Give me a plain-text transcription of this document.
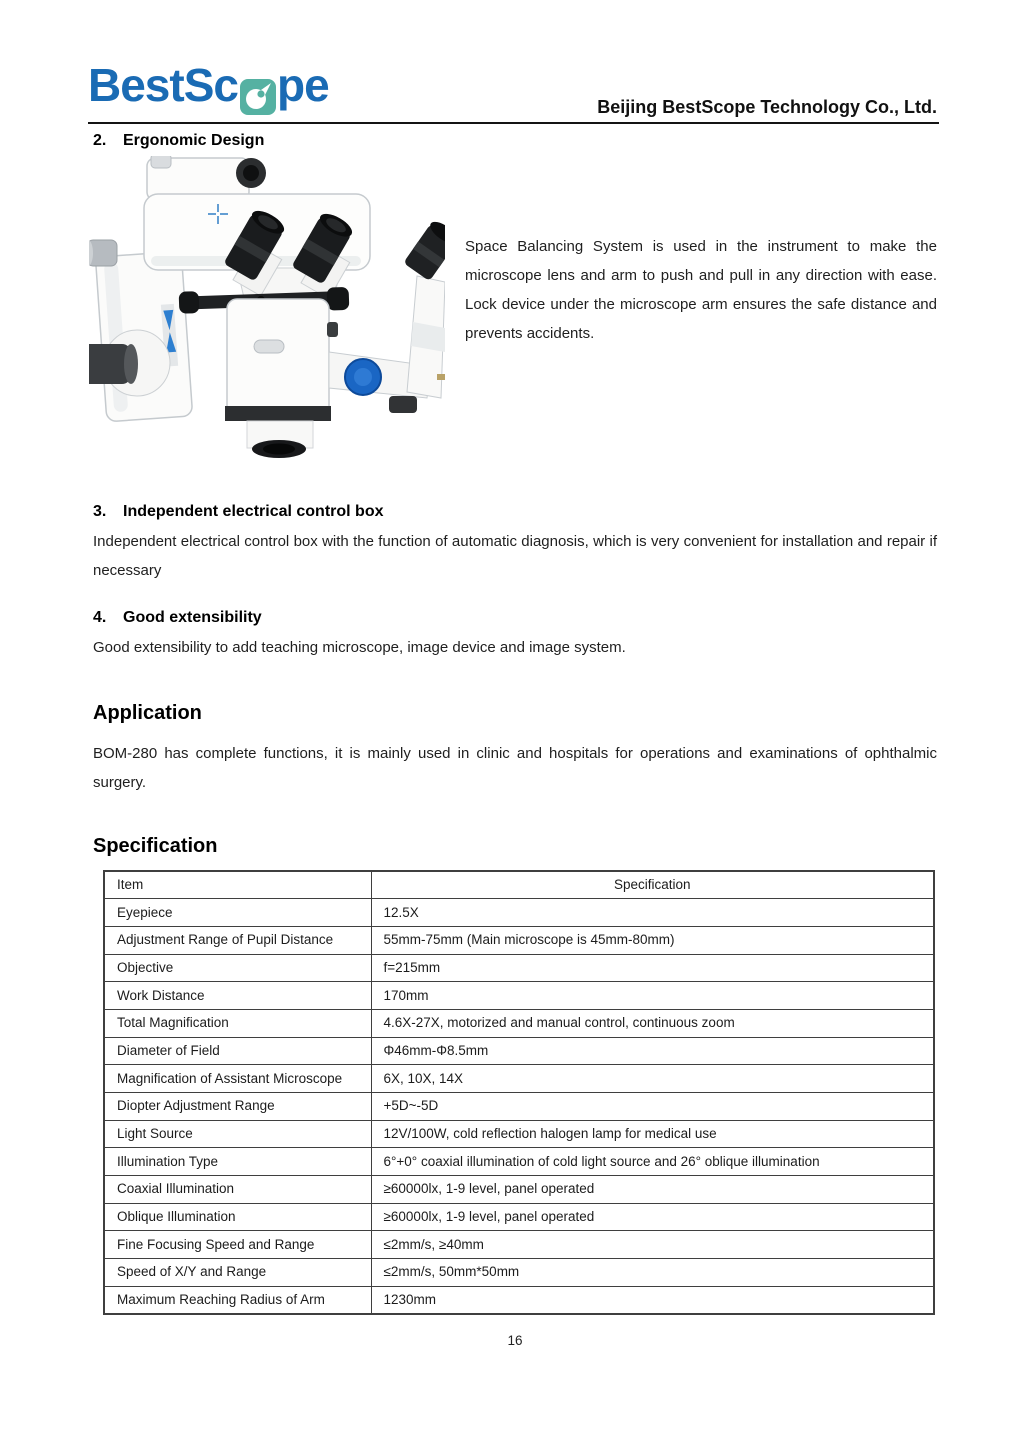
BestSc pe	Beijing BestScope Technology Co., Ltd.
2. Ergonomic Design

Space Balancing System is used in the instrument to make the microscope lens and arm to push and pull in any direction with ease. Lock device under the microscope arm ensures the safe distance and prevents accidents.

3. Independent electrical control box

Independent electrical control box with the function of automatic diagnosis, which is very convenient for installation and repair if necessary

4. Good extensibility

Good extensibility to add teaching microscope, image device and image system.

Application

BOM-280 has complete functions, it is mainly used in clinic and hospitals for operations and examinations of ophthalmic surgery.

Specification
Item	Specification
Eyepiece	12.5X
Adjustment Range of Pupil Distance	55mm-75mm (Main microscope is 45mm-80mm)
Objective	f=215mm
Work Distance	170mm
Total Magnification	4.6X-27X, motorized and manual control, continuous zoom
Diameter of Field	Φ46mm-Φ8.5mm
Magnification of Assistant Microscope	6X, 10X, 14X
Diopter Adjustment Range	+5D~-5D
Light Source	12V/100W, cold reflection halogen lamp for medical use
Illumination Type	6°+0° coaxial illumination of cold light source and 26° oblique illumination
Coaxial Illumination	≥60000lx, 1-9 level, panel operated
Oblique Illumination	≥60000lx, 1-9 level, panel operated
Fine Focusing Speed and Range	≤2mm/s, ≥40mm
Speed of X/Y and Range	≤2mm/s, 50mm*50mm
Maximum Reaching Radius of Arm	1230mm
16
